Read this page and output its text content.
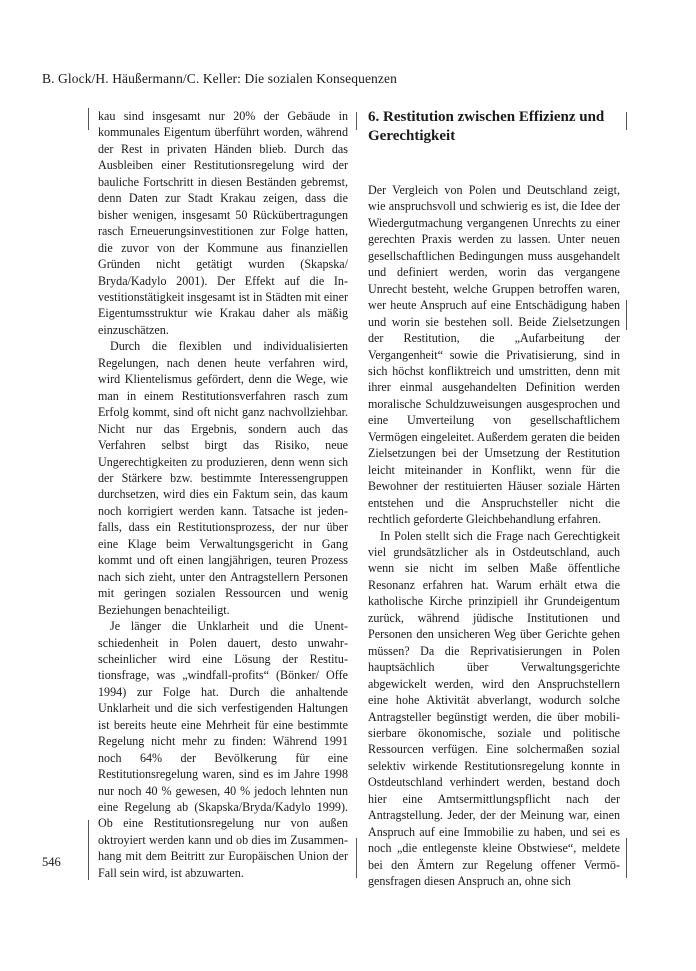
B. Glock/H. Häußermann/C. Keller: Die sozialen Konsequenzen

kau sind insgesamt nur 20% der Gebäude in kommunales Eigentum überführt worden, während der Rest in privaten Händen blieb. Durch das Ausbleiben einer Restitutionsregelung wird der bauliche Fortschritt in diesen Beständen gebremst, denn Daten zur Stadt Krakau zeigen, dass die bisher wenigen, insgesamt 50 Rückübertragungen rasch Erneuerungsinvestitionen zur Folge hatten, die zuvor von der Kommune aus finanziellen Gründen nicht getätigt wurden (Skapska/ Bryda/Kadylo 2001). Der Effekt auf die Investitionstätigkeit insgesamt ist in Städten mit einer Eigentumsstruktur wie Krakau daher als mäßig einzuschätzen.

Durch die flexiblen und individualisierten Regelungen, nach denen heute verfahren wird, wird Klientelismus gefördert, denn die Wege, wie man in einem Restitutionsverfahren rasch zum Erfolg kommt, sind oft nicht ganz nachvollziehbar. Nicht nur das Ergebnis, sondern auch das Verfahren selbst birgt das Risiko, neue Ungerechtigkeiten zu produzieren, denn wenn sich der Stärkere bzw. bestimmte Interessengruppen durchsetzen, wird dies ein Faktum sein, das kaum noch korrigiert werden kann. Tatsache ist jedenfalls, dass ein Restitutionsprozess, der nur über eine Klage beim Verwaltungsgericht in Gang kommt und oft einen langjährigen, teuren Prozess nach sich zieht, unter den Antragstellern Personen mit geringen sozialen Ressourcen und wenig Beziehungen benachteiligt.

Je länger die Unklarheit und die Unentschiedenheit in Polen dauert, desto unwahrscheinlicher wird eine Lösung der Restitutionsfrage, was „windfall-profits“ (Bönker/ Offe 1994) zur Folge hat. Durch die anhaltende Unklarheit und die sich verfestigenden Haltungen ist bereits heute eine Mehrheit für eine bestimmte Regelung nicht mehr zu finden: Während 1991 noch 64% der Bevölkerung für eine Restitutionsregelung waren, sind es im Jahre 1998 nur noch 40 % gewesen, 40 % jedoch lehnten nun eine Regelung ab (Skapska/Bryda/Kadylo 1999). Ob eine Restitutionsregelung nur von außen oktroyiert werden kann und ob dies im Zusammenhang mit dem Beitritt zur Europäischen Union der Fall sein wird, ist abzuwarten.

6. Restitution zwischen Effizienz und Gerechtigkeit

Der Vergleich von Polen und Deutschland zeigt, wie anspruchsvoll und schwierig es ist, die Idee der Wiedergutmachung vergangenen Unrechts zu einer gerechten Praxis werden zu lassen. Unter neuen gesellschaftlichen Bedingungen muss ausgehandelt und definiert werden, worin das vergangene Unrecht besteht, welche Gruppen betroffen waren, wer heute Anspruch auf eine Entschädigung haben und worin sie bestehen soll. Beide Zielsetzungen der Restitution, die „Aufarbeitung der Vergangenheit“ sowie die Privatisierung, sind in sich höchst konfliktreich und umstritten, denn mit ihrer einmal ausgehandelten Definition werden moralische Schuldzuweisungen ausgesprochen und eine Umverteilung von gesellschaftlichem Vermögen eingeleitet. Außerdem geraten die beiden Zielsetzungen bei der Umsetzung der Restitution leicht miteinander in Konflikt, wenn für die Bewohner der restituierten Häuser soziale Härten entstehen und die Anspruchsteller nicht die rechtlich geforderte Gleichbehandlung erfahren.

In Polen stellt sich die Frage nach Gerechtigkeit viel grundsätzlicher als in Ostdeutschland, auch wenn sie nicht im selben Maße öffentliche Resonanz erfahren hat. Warum erhält etwa die katholische Kirche prinzipiell ihr Grundeigentum zurück, während jüdische Institutionen und Personen den unsicheren Weg über Gerichte gehen müssen? Da die Reprivatisierungen in Polen hauptsächlich über Verwaltungsgerichte abgewickelt werden, wird den Anspruchstellern eine hohe Aktivität abverlangt, wodurch solche Antragsteller begünstigt werden, die über mobilisierbare ökonomische, soziale und politische Ressourcen verfügen. Eine solchermaßen sozial selektiv wirkende Restitutionsregelung konnte in Ostdeutschland verhindert werden, bestand doch hier eine Amtsermittlungspflicht nach der Antragstellung. Jeder, der der Meinung war, einen Anspruch auf eine Immobilie zu haben, und sei es noch „die entlegenste kleine Obstwiese“, meldete bei den Ämtern zur Regelung offener Vermögensfragen diesen Anspruch an, ohne sich

546
